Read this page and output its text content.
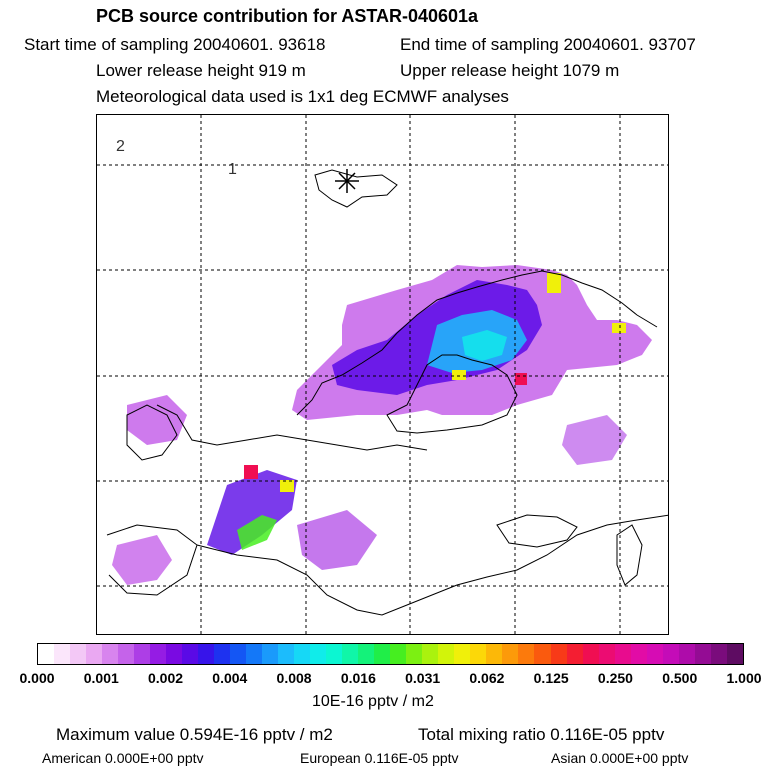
PCB source contribution for ASTAR-040601a
Start time of sampling 20040601. 93618	End time of sampling 20040601. 93707
Lower release height 919 m	Upper release height 1079 m
Meteorological data used is 1x1 deg ECMWF analyses
2
1
0.000 0.001 0.002 0.004 0.008 0.016 0.031 0.062 0.125 0.250 0.500 1.000
10E-16 pptv / m2
Maximum value 0.594E-16 pptv / m2	Total mixing ratio 0.116E-05 pptv
American 0.000E+00 pptv	European 0.116E-05 pptv	Asian 0.000E+00 pptv
